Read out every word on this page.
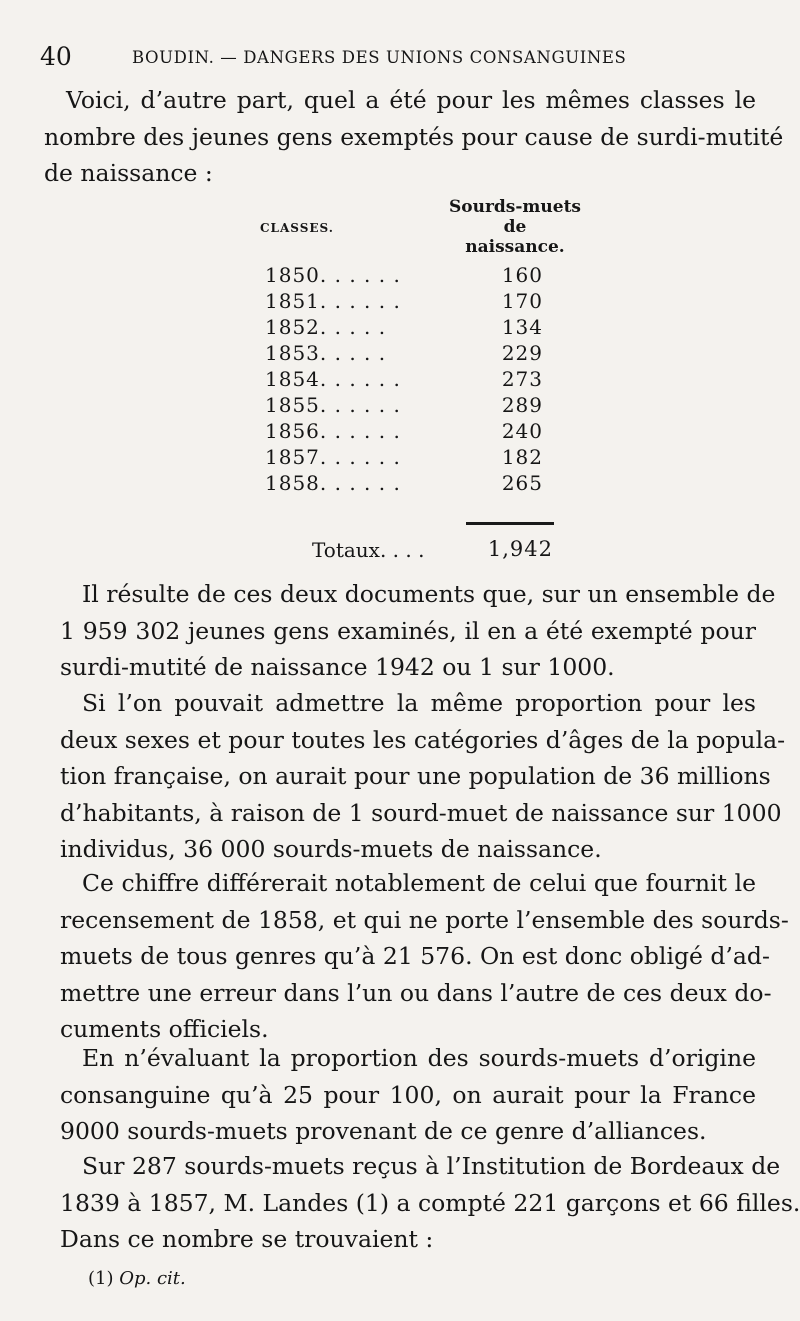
40	BOUDIN. — DANGERS DES UNIONS CONSANGUINES
Voici, d’autre part, quel a été pour les mêmes classes le
nombre des jeunes gens exemptés pour cause de surdi-mutité
de naissance :
CLASSES.
Sourds-muets
de
naissance.
1850. . . . . .	160
1851. . . . . .	170
1852. . . . .	134
1853. . . . .	229
1854. . . . . .	273
1855. . . . . .	289
1856. . . . . .	240
1857. . . . . .	182
1858. . . . . .	265
Totaux. . . .	1,942
Il résulte de ces deux documents que, sur un ensemble de
1 959 302 jeunes gens examinés, il en a été exempté pour
surdi-mutité de naissance 1942 ou 1 sur 1000.
Si l’on pouvait admettre la même proportion pour les
deux sexes et pour toutes les catégories d’âges de la popula-
tion française, on aurait pour une population de 36 millions
d’habitants, à raison de 1 sourd-muet de naissance sur 1000
individus, 36 000 sourds-muets de naissance.
Ce chiffre différerait notablement de celui que fournit le
recensement de 1858, et qui ne porte l’ensemble des sourds-
muets de tous genres qu’à 21 576. On est donc obligé d’ad-
mettre une erreur dans l’un ou dans l’autre de ces deux do-
cuments officiels.
En n’évaluant la proportion des sourds-muets d’origine
consanguine qu’à 25 pour 100, on aurait pour la France
9000 sourds-muets provenant de ce genre d’alliances.
Sur 287 sourds-muets reçus à l’Institution de Bordeaux de
1839 à 1857, M. Landes (1) a compté 221 garçons et 66 filles.
Dans ce nombre se trouvaient :
(1) Op. cit.
